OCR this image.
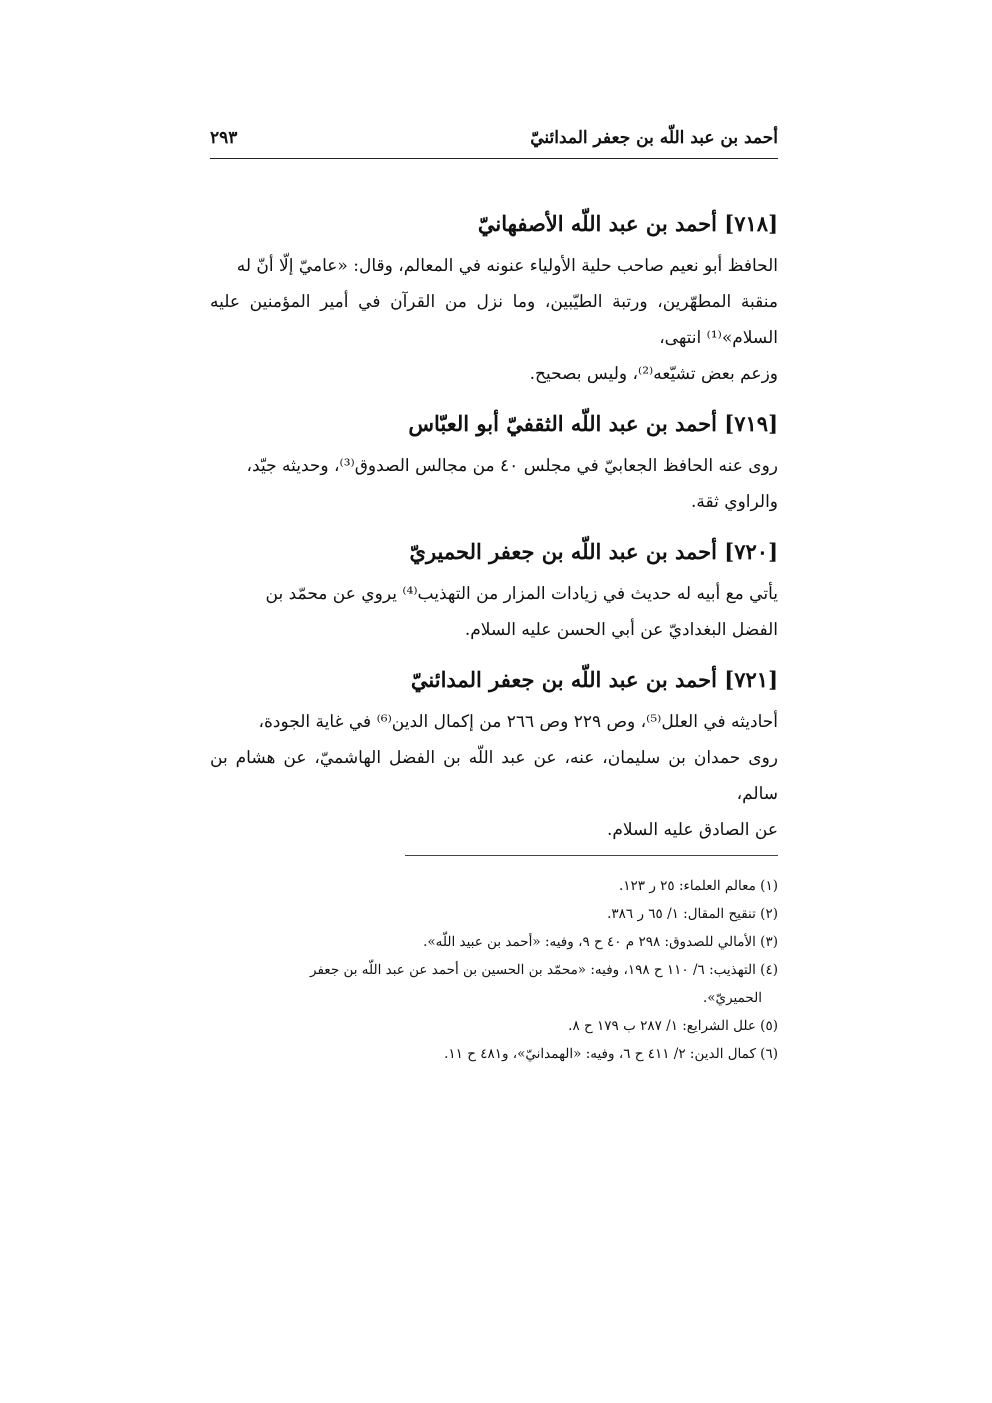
أحمد بن عبد اللّه بن جعفر المدائنيّ
٢٩٣
[٧١٨] أحمد بن عبد اللّه الأصفهانيّ

الحافظ أبو نعيم صاحب حلية الأولياء عنونه في المعالم، وقال: «عاميّ إلّا أنّ له

منقبة المطهّرين، ورتبة الطيّبين، وما نزل من القرآن في أمير المؤمنين عليه السلام»⁽¹⁾ انتهى،

وزعم بعض تشيّعه⁽²⁾، وليس بصحيح.

[٧١٩] أحمد بن عبد اللّه الثقفيّ أبو العبّاس

روى عنه الحافظ الجعابيّ في مجلس ٤٠ من مجالس الصدوق⁽³⁾، وحديثه جيّد،

والراوي ثقة.

[٧٢٠] أحمد بن عبد اللّه بن جعفر الحميريّ

يأتي مع أبيه له حديث في زيادات المزار من التهذيب⁽⁴⁾ يروي عن محمّد بن

الفضل البغداديّ عن أبي الحسن عليه السلام.

[٧٢١] أحمد بن عبد اللّه بن جعفر المدائنيّ

أحاديثه في العلل⁽⁵⁾، وص ٢٢٩ وص ٢٦٦ من إكمال الدين⁽⁶⁾ في غاية الجودة،

روى حمدان بن سليمان، عنه، عن عبد اللّه بن الفضل الهاشميّ، عن هشام بن سالم،

عن الصادق عليه السلام.

(١) معالم العلماء: ٢٥ ر ١٢٣.

(٢) تنقيح المقال: ١/ ٦٥ ر ٣٨٦.

(٣) الأمالي للصدوق: ٢٩٨ م ٤٠ ح ٩، وفيه: «أحمد بن عبيد اللّه».

(٤) التهذيب: ٦/ ١١٠ ح ١٩٨، وفيه: «محمّد بن الحسين بن أحمد عن عبد اللّه بن جعفر

الحميريّ».

(٥) علل الشرايع: ١/ ٢٨٧ ب ١٧٩ ح ٨.

(٦) كمال الدين: ٢/ ٤١١ ح ٦، وفيه: «الهمدانيّ»، و٤٨١ ح ١١.
